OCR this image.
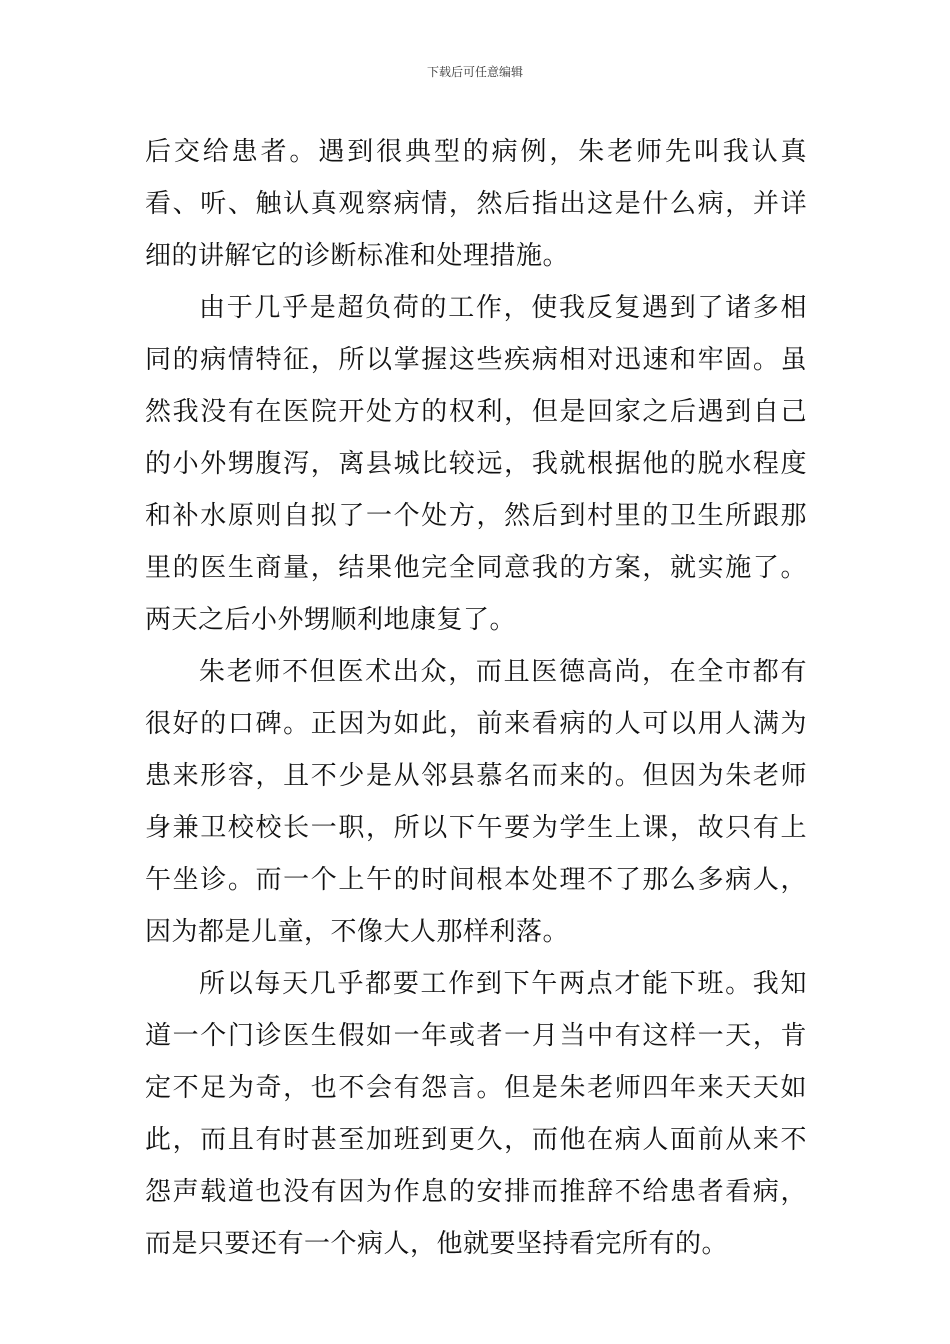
下载后可任意编辑

后交给患者。遇到很典型的病例，朱老师先叫我认真看、听、触认真观察病情，然后指出这是什么病，并详细的讲解它的诊断标准和处理措施。

由于几乎是超负荷的工作，使我反复遇到了诸多相同的病情特征，所以掌握这些疾病相对迅速和牢固。虽然我没有在医院开处方的权利，但是回家之后遇到自己的小外甥腹泻，离县城比较远，我就根据他的脱水程度和补水原则自拟了一个处方，然后到村里的卫生所跟那里的医生商量，结果他完全同意我的方案，就实施了。两天之后小外甥顺利地康复了。

朱老师不但医术出众，而且医德高尚，在全市都有很好的口碑。正因为如此，前来看病的人可以用人满为患来形容，且不少是从邻县慕名而来的。但因为朱老师身兼卫校校长一职，所以下午要为学生上课，故只有上午坐诊。而一个上午的时间根本处理不了那么多病人，因为都是儿童，不像大人那样利落。

所以每天几乎都要工作到下午两点才能下班。我知道一个门诊医生假如一年或者一月当中有这样一天，肯定不足为奇，也不会有怨言。但是朱老师四年来天天如此，而且有时甚至加班到更久，而他在病人面前从来不怨声载道也没有因为作息的安排而推辞不给患者看病，而是只要还有一个病人，他就要坚持看完所有的。
